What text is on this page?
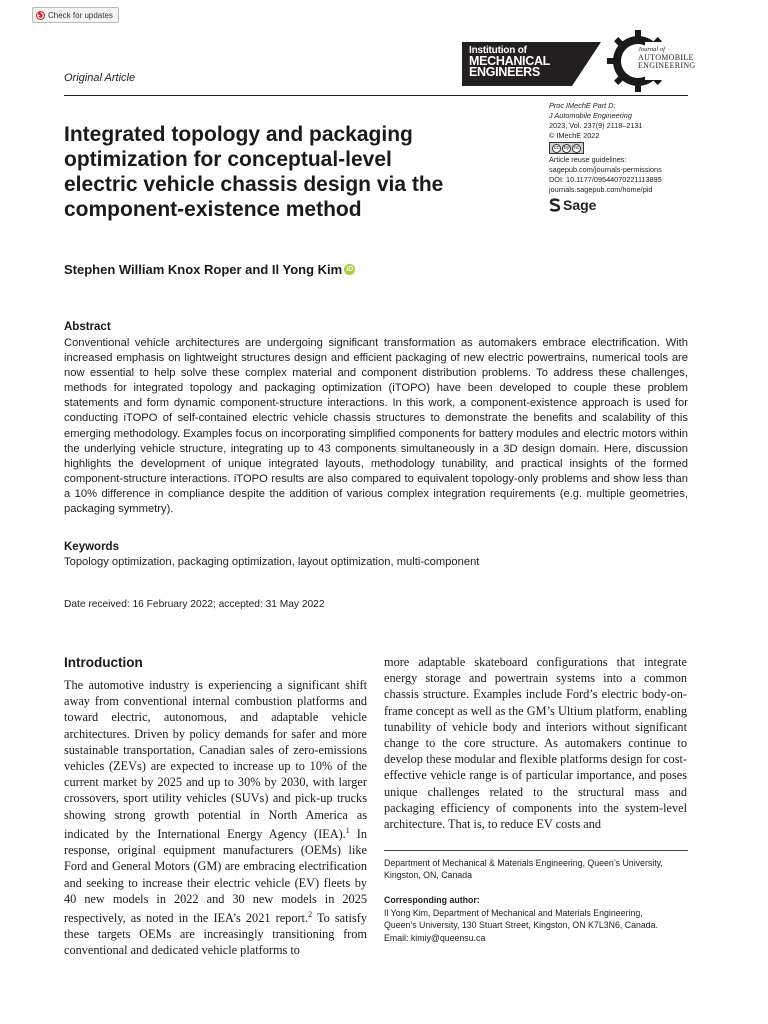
Check for updates
Original Article
Institution of
MECHANICAL
ENGINEERS
Journal of
AUTOMOBILE
ENGINEERING
Integrated topology and packaging
optimization for conceptual-level
electric vehicle chassis design via the
component-existence method
Proc IMechE Part D:
J Automobile Engineering
2023, Vol. 237(9) 2118–2131
© IMechE 2022
cc by nc
Article reuse guidelines:
sagepub.com/journals-permissions
DOI: 10.1177/09544070221113895
journals.sagepub.com/home/pid
Sage
Stephen William Knox Roper and Il Yong Kim iD
Abstract

Conventional vehicle architectures are undergoing significant transformation as automakers embrace electrification. With increased emphasis on lightweight structures design and efficient packaging of new electric powertrains, numerical tools are now essential to help solve these complex material and component distribution problems. To address these challenges, methods for integrated topology and packaging optimization (iTOPO) have been developed to couple these problem statements and form dynamic component-structure interactions. In this work, a component-existence approach is used for conducting iTOPO of self-contained electric vehicle chassis structures to demonstrate the benefits and scalability of this emerging methodology. Examples focus on incorporating simplified components for battery modules and electric motors within the underlying vehicle structure, integrating up to 43 components simultaneously in a 3D design domain. Here, discussion highlights the development of unique integrated layouts, methodology tunability, and practical insights of the formed component-structure interactions. iTOPO results are also compared to equivalent topology-only problems and show less than a 10% difference in compliance despite the addition of various complex integration requirements (e.g. multiple geometries, packaging symmetry).

Keywords
Topology optimization, packaging optimization, layout optimization, multi-component
Date received: 16 February 2022; accepted: 31 May 2022
Introduction

The automotive industry is experiencing a significant shift away from conventional internal combustion platforms and toward electric, autonomous, and adaptable vehicle architectures. Driven by policy demands for safer and more sustainable transportation, Canadian sales of zero-emissions vehicles (ZEVs) are expected to increase up to 10% of the current market by 2025 and up to 30% by 2030, with larger crossovers, sport utility vehicles (SUVs) and pick-up trucks showing strong growth potential in North America as indicated by the International Energy Agency (IEA).$^1$ In response, original equipment manufacturers (OEMs) like Ford and General Motors (GM) are embracing electrification and seeking to increase their electric vehicle (EV) fleets by 40 new models in 2022 and 30 new models in 2025 respectively, as noted in the IEA’s 2021 report.$^2$ To satisfy these targets OEMs are increasingly transitioning from conventional and dedicated vehicle platforms to

more adaptable skateboard configurations that integrate energy storage and powertrain systems into a common chassis structure. Examples include Ford’s electric body-on-frame concept as well as the GM’s Ultium platform, enabling tunability of vehicle body and interiors without significant change to the core structure. As automakers continue to develop these modular and flexible platforms design for cost-effective vehicle range is of particular importance, and poses unique challenges related to the structural mass and packaging efficiency of components into the system-level architecture. That is, to reduce EV costs and

Department of Mechanical & Materials Engineering, Queen’s University, Kingston, ON, Canada

Corresponding author:
Il Yong Kim, Department of Mechanical and Materials Engineering,
Queen’s University, 130 Stuart Street, Kingston, ON K7L3N6, Canada.
Email: kimiy@queensu.ca
